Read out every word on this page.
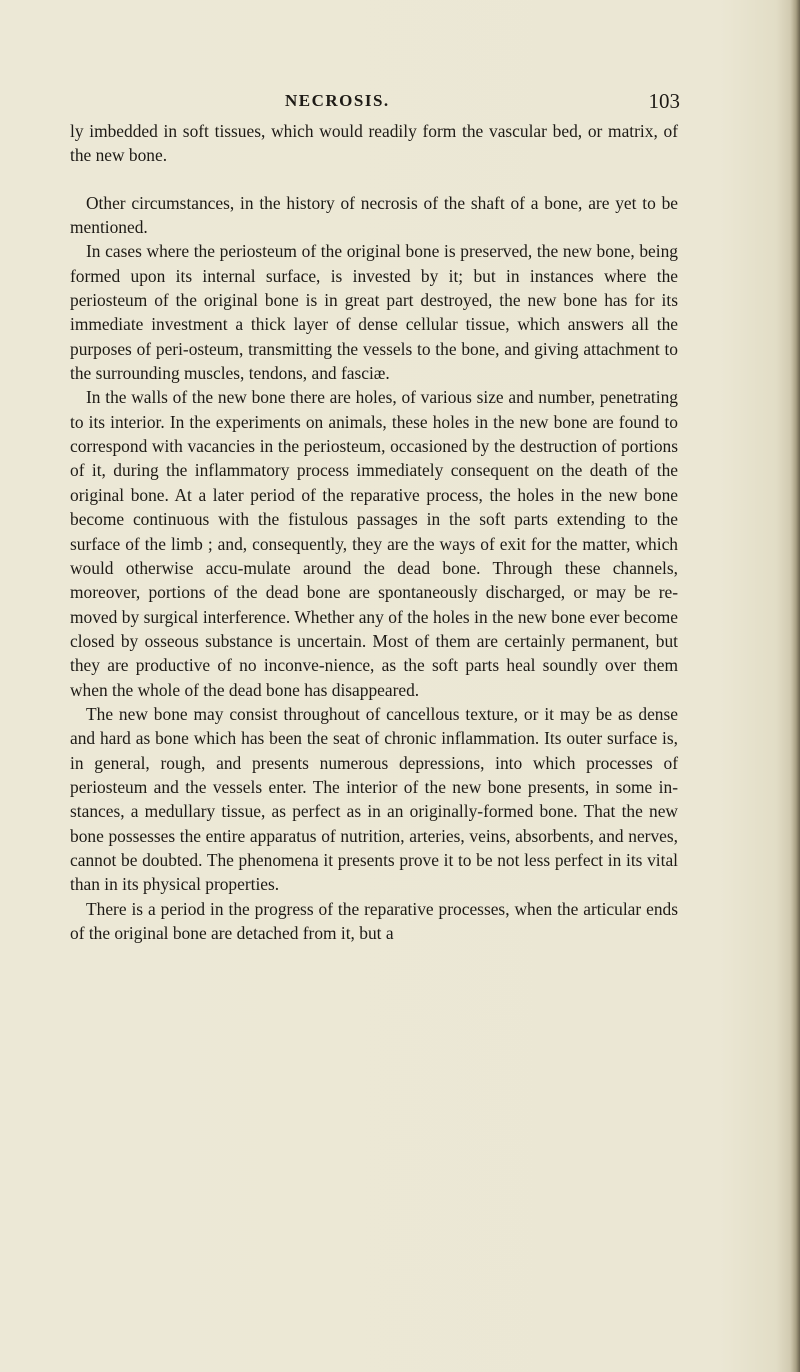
NECROSIS.	103

ly imbedded in soft tissues, which would readily form the vascular bed, or matrix, of the new bone.

Other circumstances, in the history of necrosis of the shaft of a bone, are yet to be mentioned.

In cases where the periosteum of the original bone is preserved, the new bone, being formed upon its internal surface, is invested by it; but in instances where the periosteum of the original bone is in great part destroyed, the new bone has for its immediate investment a thick layer of dense cellular tissue, which answers all the purposes of peri-osteum, transmitting the vessels to the bone, and giving attachment to the surrounding muscles, tendons, and fasciæ.

In the walls of the new bone there are holes, of various size and number, penetrating to its interior. In the experiments on animals, these holes in the new bone are found to correspond with vacancies in the periosteum, occasioned by the destruction of portions of it, during the inflammatory process immediately consequent on the death of the original bone. At a later period of the reparative process, the holes in the new bone become continuous with the fistulous passages in the soft parts extending to the surface of the limb ; and, consequently, they are the ways of exit for the matter, which would otherwise accu-mulate around the dead bone. Through these channels, moreover, portions of the dead bone are spontaneously discharged, or may be re-moved by surgical interference. Whether any of the holes in the new bone ever become closed by osseous substance is uncertain. Most of them are certainly permanent, but they are productive of no inconve-nience, as the soft parts heal soundly over them when the whole of the dead bone has disappeared.

The new bone may consist throughout of cancellous texture, or it may be as dense and hard as bone which has been the seat of chronic inflammation. Its outer surface is, in general, rough, and presents numerous depressions, into which processes of periosteum and the vessels enter. The interior of the new bone presents, in some in-stances, a medullary tissue, as perfect as in an originally-formed bone. That the new bone possesses the entire apparatus of nutrition, arteries, veins, absorbents, and nerves, cannot be doubted. The phenomena it presents prove it to be not less perfect in its vital than in its physical properties.

There is a period in the progress of the reparative processes, when the articular ends of the original bone are detached from it, but a
